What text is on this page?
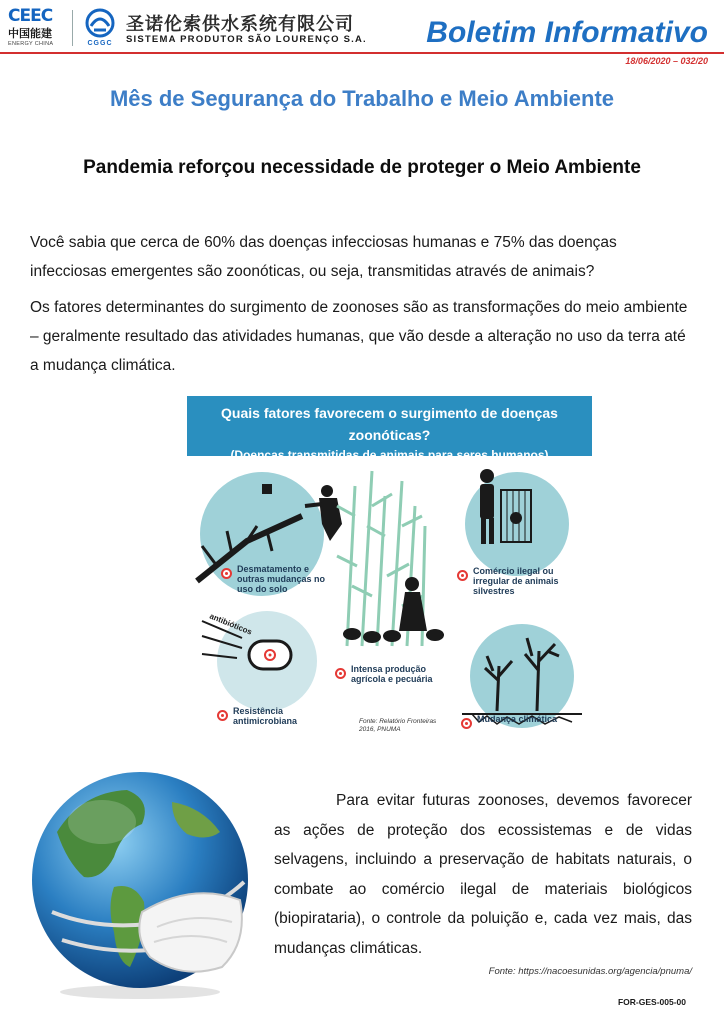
CEEC
中国能建
ENERGY CHINA	CGGC
圣诺伦索供水系统有限公司
SISTEMA PRODUTOR SÃO LOURENÇO S.A. Boletim Informativo
18/06/2020 – 032/20
Mês de Segurança do Trabalho e Meio Ambiente
Pandemia reforçou necessidade de proteger o Meio Ambiente

Você sabia que cerca de 60% das doenças infecciosas humanas e 75% das doenças infecciosas emergentes são zoonóticas, ou seja, transmitidas através de animais?

Os fatores determinantes do surgimento de zoonoses são as transformações do meio ambiente – geralmente resultado das atividades humanas, que vão desde a alteração no uso da terra até a mudança climática.

Quais fatores favorecem o surgimento de doenças zoonóticas?
(Doenças transmitidas de animais para seres humanos)
antibióticos
Desmatamento e outras mudanças no uso do solo
Comércio ilegal ou irregular de animais silvestres
Intensa produção agrícola e pecuária
Resistência antimicrobiana	Mudança climática
Fonte: Relatório Fronteiras 2016, PNUMA

Para evitar futuras zoonoses, devemos favorecer as ações de proteção dos ecossistemas e de vidas selvagens, incluindo a preservação de habitats naturais, o combate ao comércio ilegal de materiais biológicos (biopirataria), o controle da poluição e, cada vez mais, das mudanças climáticas.

Fonte: https://nacoesunidas.org/agencia/pnuma/
FOR-GES-005-00
